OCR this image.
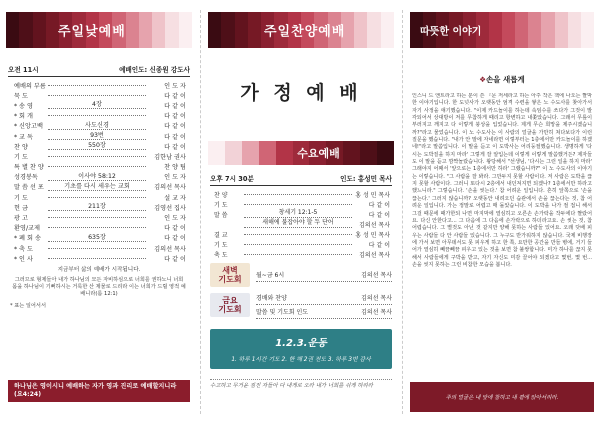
주일낮예배
오전 11시	예배인도: 신종원 강도사
예배의 부름	인 도 자
묵 도	다 같 이
* 송 영	4장	다 같 이
* 회 개	다 같 이
* 신앙고백	사도신경	다 같 이
* 교 독	93번	다 같 이
찬 양	550장	다 같 이
기 도	김한남 권사
특 별 찬 양	찬 양 팀
성경봉독	이사야 58:12	인 도 자
말 씀 선 포	기초를 다시 세우는 교회	김의선 목사
기 도	설 교 자
헌 금	211장	김영선 집사
광 고	인 도 자
환영/교제	다 같 이
* 폐 회 송	635장	다 같 이
* 축 도	김의선 목사
* 인 사	다 같 이
지금부터 삶의 예배가 시작됩니다.
그러므로 형제들아 내가 하나님의 모든 자비하심으로 너희를 권하노니 너희 몸을 하나님이 기뻐하시는 거룩한 산 제물로 드리라 이는 너희가 드릴 영적 예배니라(롬 12:1)
* 표는 일어서서
하나님은 영이시니 예배하는 자가 영과 진리로 예배할지니라 (요4:24)
주일찬양예배
가 정 예 배
수요예배
오후 7시 30분	인도: 홍성민 목사
찬 양	홍 성 민 목사
기 도	다 같 이
말 씀	창세기 12:1-5	다 같 이
새해에 불잡아야 할 두 단어	김의선 목사
결 교	홍 성 민 목사
기 도	다 같 이
축 도	김의선 목사
새벽
기도회	월~금 6시	김의선 목사
금요
기도회
경배와 찬양	김의선 목사
말씀 및 기도회 인도	김의선 목사
1.2.3.운동
1. 하루 1시간 기도 2. 한 해 2권 전도 3. 하루 3번 감사
수고하고 무거운 짐진 자들아 다 내게로 오라 내가 너희를 쉬게 하리라
따뜻한 이야기
❖ 손을 새롭게
인스니 드 앤트라고 하는 분이 쓴 『문 저세라고 하는 아주 작은 책에 나오는 짤막한 이야기입니다. 한 도넛사가 오랫동안 엄격 수련을 쌓은 노 수도사를 찾아가서 자기 사정을 얘기했습니다. "이제 카드놀이를 하는데 속임수를 쓰다가 그것이 발각되어서 상대방이 저를 무참하게 때리고 항변하고 내쫓았습니다. 그래서 무릎이 부러지고 깨지고 다 이렇게 붕상을 입었습니다. 제게 무슨 희망을 제주시겠습니까?"라고 물었습니다. 이 노 수도사는 이 사람의 얼굴을 가만히 쳐다보다가 이런 질문을 했습니다. "내가 안 말에 자네라면 이렇부터는 1층에서만 카드놀이를 하겠네!"라고 말씀입니다. 이 말을 듣고 이 도박사는 어리둥절했습니다. 생명하게 '다시는 도박질을 하지 마라' 그렇게 잘 알입는데 이렇게 이렇게 말씀했거든? 제자들도 이 말을 듣고 깜짝놀랐습니다. 왕당해서 "선생님, '다시는 그런 일을 하지 마라' 그래야지 어째서 '앞으로는 1층에서만 하라' 그랬습니까?" 이 노 수도사의 이야기는 이렇습니다. "그 사람을 잘 봐라. 그만두지 못할 사람이다. 저 사람은 도박을 끊지 못할 사람이다. 그러니 또다시 2층에서 내던져지면 되겠나? 1층에서만 하라고 했느니라." 그렇습니다. '손을 씻는다.' 참 어려운 일입니다. 흔히 앞쪽으로 '손을 끊는다.' 그러지 않습니까? 오랫동안 내려오던 습관에서 손을 끊는다는 것, 참 어려운 일입니다. 가는 정말로 어렵고 매 돌았습니다. 이 도박을 나가 절 접니 해서 그걸 때문에 때가한되 나면 마지막에 열심히고 오른손 손가락을 작두에다 짤랐어요. 다신 안한다고... 그 다음에 그 다음에 손가락으로 하더라고요. 손 씻는 것, 참 어렵습니다. 그 별것도 아닌 것 같지만 양해 못하는 사람들 있어요. 오래 닷배 피우는 사람들 다 안 사람들 있습니다. 그 누구도 반가워하지 않습니다. 국제 비행장에 가서 보면 아무데서도 못 피우게 하고 한 쪽, 요만한 공간을 만들 병에, 거기 들어가 열심히 빼끔빼끔 피우고 있는 것을 보면 참 불쌍합니다. 미가 하나를 끊지 못해서 사람들에게 구박을 받고, 자기 자신도 미감 끌어야 되겠다고 몇번, 몇 번... 손을 씻지 못하는 그런 비참한 모습을 봅니다.
주의 얼굴은 내 앞에 참하고 내 곁에 앉아서리라.
